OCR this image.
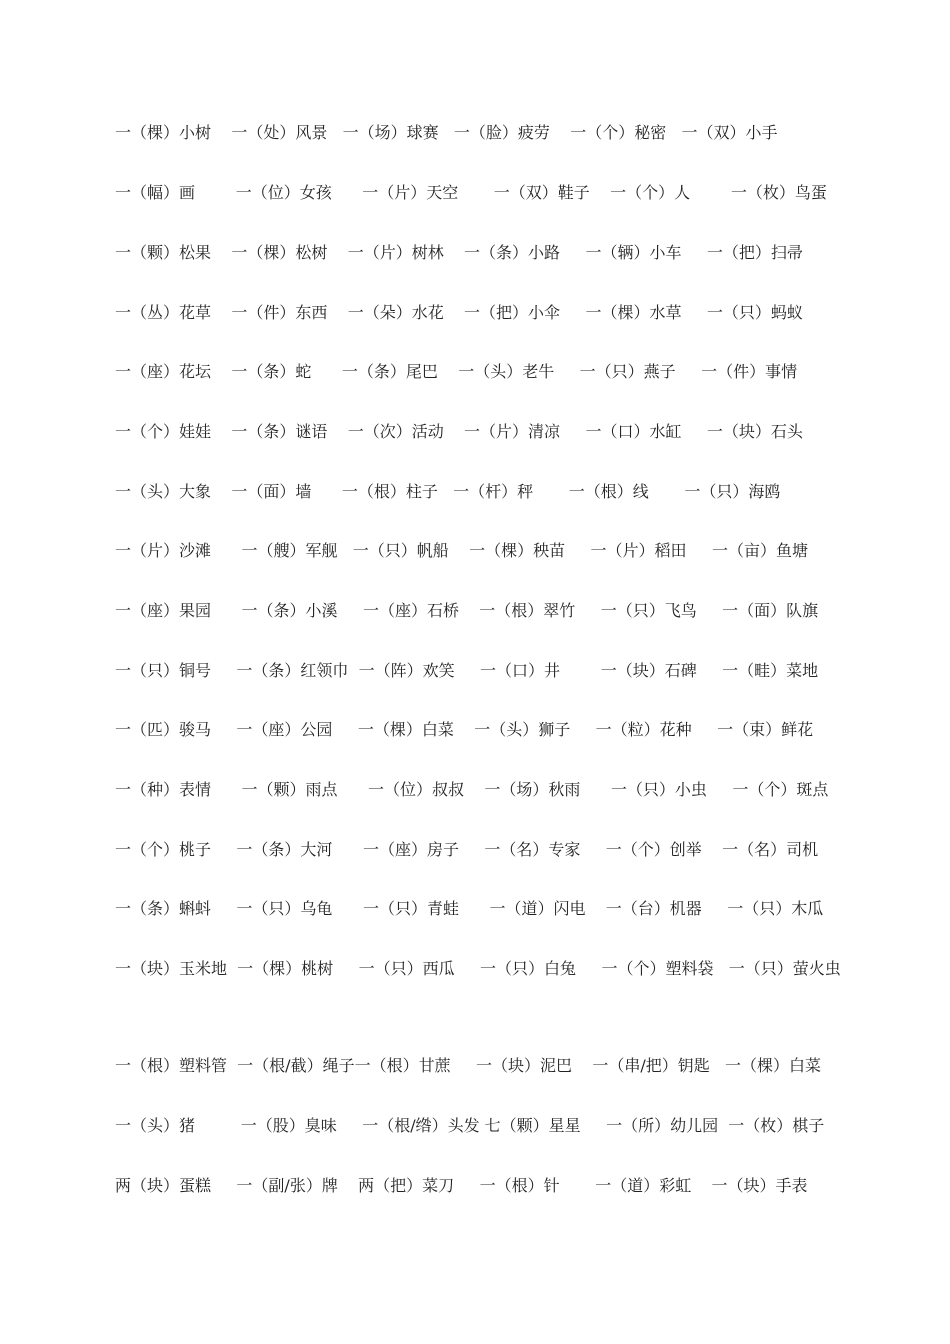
一（棵）小树    一（处）风景   一（场）球赛   一（脸）疲劳    一（个）秘密   一（双）小手
一（幅）画        一（位）女孩      一（片）天空       一（双）鞋子    一（个）人        一（枚）鸟蛋
一（颗）松果    一（棵）松树    一（片）树林    一（条）小路     一（辆）小车     一（把）扫帚
一（丛）花草    一（件）东西    一（朵）水花    一（把）小伞     一（棵）水草     一（只）蚂蚁
一（座）花坛    一（条）蛇      一（条）尾巴    一（头）老牛     一（只）燕子     一（件）事情
一（个）娃娃    一（条）谜语    一（次）活动    一（片）清凉     一（口）水缸     一（块）石头
一（头）大象    一（面）墙      一（根）柱子   一（杆）秤       一（根）线       一（只）海鸥
一（片）沙滩      一（艘）军舰   一（只）帆船    一（棵）秧苗     一（片）稻田     一（亩）鱼塘
一（座）果园      一（条）小溪     一（座）石桥    一（根）翠竹     一（只）飞鸟     一（面）队旗
一（只）铜号     一（条）红领巾  一（阵）欢笑     一（口）井        一（块）石碑     一（畦）菜地
一（匹）骏马     一（座）公园     一（棵）白菜    一（头）狮子     一（粒）花种     一（束）鲜花
一（种）表情      一（颗）雨点      一（位）叔叔    一（场）秋雨      一（只）小虫     一（个）斑点
一（个）桃子     一（条）大河      一（座）房子     一（名）专家     一（个）创举    一（名）司机
一（条）蝌蚪     一（只）乌龟      一（只）青蛙      一（道）闪电    一（台）机器     一（只）木瓜
一（块）玉米地  一（棵）桃树     一（只）西瓜     一（只）白兔     一（个）塑料袋   一（只）萤火虫
一（根）塑料管  一（根/截）绳子一（根）甘蔗     一（块）泥巴    一（串/把）钥匙   一（棵）白菜
一（头）猪         一（股）臭味     一（根/绺）头发 七（颗）星星     一（所）幼儿园  一（枚）棋子
两（块）蛋糕     一（副/张）牌    两（把）菜刀     一（根）针       一（道）彩虹    一（块）手表
